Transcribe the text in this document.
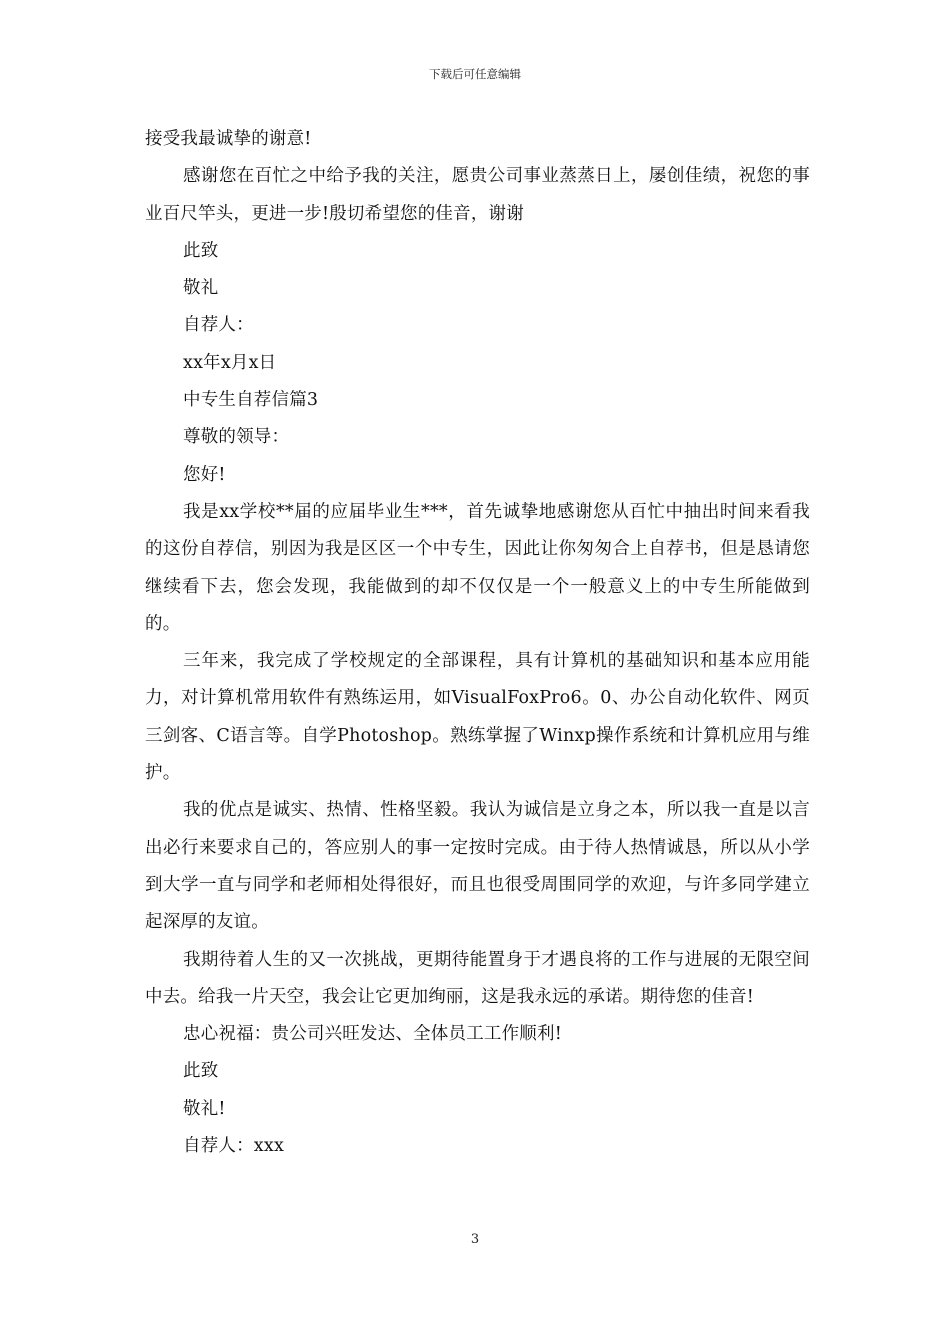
下载后可任意编辑

接受我最诚挚的谢意!

感谢您在百忙之中给予我的关注，愿贵公司事业蒸蒸日上，屡创佳绩，祝您的事业百尺竿头，更进一步!殷切希望您的佳音，谢谢

此致

敬礼

自荐人：

xx年x月x日

中专生自荐信篇3

尊敬的领导：

您好!

我是xx学校**届的应届毕业生***，首先诚挚地感谢您从百忙中抽出时间来看我的这份自荐信，别因为我是区区一个中专生，因此让你匆匆合上自荐书，但是恳请您继续看下去，您会发现，我能做到的却不仅仅是一个一般意义上的中专生所能做到的。

三年来，我完成了学校规定的全部课程，具有计算机的基础知识和基本应用能力，对计算机常用软件有熟练运用，如VisualFoxPro6。0、办公自动化软件、网页三剑客、C语言等。自学Photoshop。熟练掌握了Winxp操作系统和计算机应用与维护。

我的优点是诚实、热情、性格坚毅。我认为诚信是立身之本，所以我一直是以言出必行来要求自己的，答应别人的事一定按时完成。由于待人热情诚恳，所以从小学到大学一直与同学和老师相处得很好，而且也很受周围同学的欢迎，与许多同学建立起深厚的友谊。

我期待着人生的又一次挑战，更期待能置身于才遇良将的工作与进展的无限空间中去。给我一片天空，我会让它更加绚丽，这是我永远的承诺。期待您的佳音!

忠心祝福：贵公司兴旺发达、全体员工工作顺利!

此致

敬礼!

自荐人：xxx

3
